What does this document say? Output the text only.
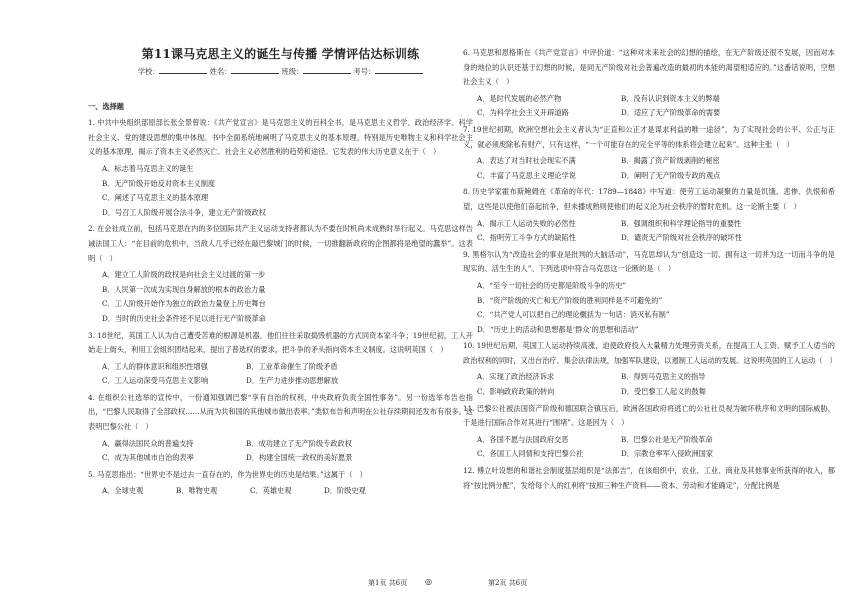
第11课马克思主义的诞生与传播 学情评估达标训练
学校：	姓名：	班级：	考号：
一、选择题
1. 中共中央组织部原部长张全景曾说：《共产党宣言》是马克思主义的百科全书，是马克思主义哲学、政治经济学、科学社会主义、党的建设思想的集中体现。书中全面系统地阐明了马克思主义的基本原理，特别是历史唯物主义和科学社会主义的基本原理，揭示了资本主义必然灭亡、社会主义必然胜利的趋势和途径。它发表的伟大历史意义在于（　）
A．标志着马克思主义的诞生
B．无产阶级开始反对资本主义制度
C．阐述了马克思主义的基本原理
D．号召工人阶级开展合法斗争，建立无产阶级政权
2. 在会社成立前，包括马克思在内的多位国际共产主义运动支持者都认为不要在时机尚未成熟时举行起义。马克思这样告诫法国工人：“在目前的危机中，当敌人几乎已经在敲巴黎城门的时候，一切推翻新政府的企图都将是绝望的蠢举”。这表明（　）
A．建立工人阶级的政权是向社会主义过渡的第一步
B．人民第一次成为实现自身解放的根本的政治力量
C．工人阶级开始作为独立的政治力量登上历史舞台
D．当时的历史社会条件还不足以进行无产阶级革命
3. 18世纪，英国工人认为自己遭受苦难的根源是机器，他们往往采取捣毁机器的方式同资本家斗争；19世纪初，工人开始走上街头，利用工会组织团结起来，提出了普选权的要求，把斗争的矛头指向资本主义制度。这说明英国（　）
A．工人的群体意识和组织性增强	B．工业革命催生了阶级矛盾
C．工人运动深受马克思主义影响	D．生产力进步推动思想解放
4. 在组织公社选举的宣传中，一份通知强调巴黎“享有自治的权利，中央政府负责全国性事务”。另一份选举布告也指出，“巴黎人民取得了全部政权……从而为共和国的其他城市做出表率。”类似布告和声明在公社存续期间还发布有很多。这表明巴黎公社（　）
A．赢得法国民众的普遍支持	B．成功建立了无产阶级专政政权
C．成为其他城市自治的表率	D．构建全国统一政权的美好愿景
5. 马克思指出：“世界史不是过去一直存在的，作为世界史的历史是结果。”这属于（　）
A．全球史观	B．唯物史观	C．英雄史观	D．阶级史观
6. 马克思和恩格斯在《共产党宣言》中评价道：“这种对未来社会的幻想的描绘，在无产阶级还很不发展，因而对本身的地位的认识还基于幻想的时候，是同无产阶级对社会普遍改造的最初的本能的渴望相适应的。”这番话说明，空想社会主义（　）
A．是时代发展的必然产物	B．没有认识到资本主义的弊端
C．为科学社会主义开辟道路	D．适应了无产阶级革命的需要
7. 19世纪初期，欧洲空想社会主义者认为“正直和公正才是谋求利益的唯一途径”，为了实现社会的公平、公正与正义，就必须废除私有财产，只有这样，“一个可能存在的完全平等的体系将会建立起来”。这种主张（　）
A．表达了对当时社会现实不满	B．揭露了资产阶级剥削的秘密
C．丰富了马克思主义理论学说	D．阐明了无产阶级专政的观点
8. 历史学家霍布斯鲍姆在《革命的年代：1789—1848》中写道：使劳工运动凝聚的力量是饥饿、悲惨、仇恨和希望，这些是以使他们奋起抗争，但未播成熟则使他们的起义沦为社会秩序的暂时危机。这一论断主要（　）
A．揭示工人运动失败的必然性	B．强调组织和科学理论指导的重要性
C．指明劳工斗争方式的缺陷性	D．谴责无产阶级对社会秩序的破坏性
9. 黑格尔认为“改造社会的事业是批判的大脑活动”，马克思却认为“创造这一切、拥有这一切并为这一切而斗争的是现实的、活生生的人”。下列选项中符合马克思这一论断的是（　）
A．“至今一切社会的历史都是阶级斗争的历史”
B．“资产阶级的灭亡和无产阶级的胜利同样是不可避免的”
C．“共产党人可以把自己的理论概括为一句话：消灭私有制”
D．“历史上的活动和思想都是‘群众’的思想和活动”
10. 19世纪后期，英国工人运动持续高涨，迫使政府投入大量精力处理劳资关系，在提高工人工资、赋予工人适当的政治权利的同时，又出台治疗、集会法律法规，加强军队建设，以遏制工人运动的发展。这说明英国的工人运动（　）
A．实现了政治经济诉求	B．得到马克思主义的指导
C．影响政府政策的转向	D．受巴黎工人起义的鼓舞
11. 巴黎公社被法国资产阶级和德国联合镇压后，欧洲各国政府将逃亡的公社社员视为破坏秩序和文明的国际威胁，于是进行国际合作对其进行“围堵”。这是因为（　）
A．各国不愿与法国政府交恶	B．巴黎公社是无产阶级革命
C．各国工人同情和支持巴黎公社	D．宗教仓率军入侵欧洲国家
12. 傅立叶设想的和谐社会制度基层组织是“法郎吉”，在该组织中，农业、工业、商业及其他事业所获得的收入，都将“按比例分配”，发给每个人的红利将“按照三种生产资料——资本、劳动和才能确定”，分配比例是
第1页 共6页 ◎	第2页 共6页
